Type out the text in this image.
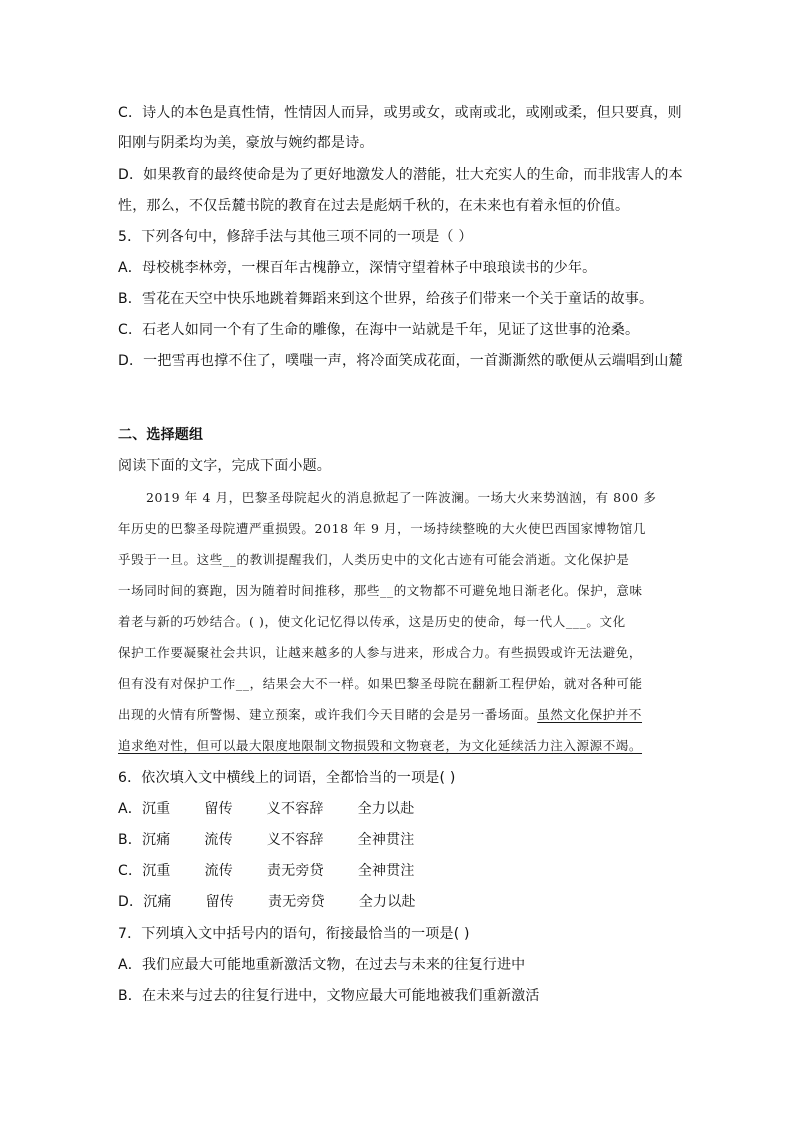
C．诗人的本色是真性情，性情因人而异，或男或女，或南或北，或刚或柔，但只要真，则
阳刚与阴柔均为美，豪放与婉约都是诗。
D．如果教育的最终使命是为了更好地激发人的潜能，壮大充实人的生命，而非戕害人的本
性，那么，不仅岳麓书院的教育在过去是彪炳千秋的，在未来也有着永恒的价值。
5．下列各句中，修辞手法与其他三项不同的一项是（ ）
A．母校桃李林旁，一棵百年古槐静立，深情守望着林子中琅琅读书的少年。
B．雪花在天空中快乐地跳着舞蹈来到这个世界，给孩子们带来一个关于童话的故事。
C．石老人如同一个有了生命的雕像，在海中一站就是千年，见证了这世事的沧桑。
D．一把雪再也撑不住了，噗嗤一声，将冷面笑成花面，一首澌澌然的歌便从云端唱到山麓
二、选择题组
阅读下面的文字，完成下面小题。
2019 年 4 月，巴黎圣母院起火的消息掀起了一阵波澜。一场大火来势汹汹，有 800 多
年历史的巴黎圣母院遭严重损毁。2018 年 9 月，一场持续整晚的大火使巴西国家博物馆几
乎毁于一旦。这些__的教训提醒我们，人类历史中的文化古迹有可能会消逝。文化保护是
一场同时间的赛跑，因为随着时间推移，那些__的文物都不可避免地日渐老化。保护，意味
着老与新的巧妙结合。( )，使文化记忆得以传承，这是历史的使命，每一代人___。文化
保护工作要凝聚社会共识，让越来越多的人参与进来，形成合力。有些损毁或许无法避免，
但有没有对保护工作__，结果会大不一样。如果巴黎圣母院在翻新工程伊始，就对各种可能
出现的火情有所警惕、建立预案，或许我们今天目睹的会是另一番场面。虽然文化保护并不
追求绝对性，但可以最大限度地限制文物损毁和文物衰老，为文化延续活力注入源源不竭。
6．依次填入文中横线上的词语，全都恰当的一项是( )
A．沉重 留传 义不容辞 全力以赴
B．沉痛 流传 义不容辞 全神贯注
C．沉重 流传 责无旁贷 全神贯注
D．沉痛 留传 责无旁贷 全力以赴
7．下列填入文中括号内的语句，衔接最恰当的一项是( )
A．我们应最大可能地重新激活文物，在过去与未来的往复行进中
B．在未来与过去的往复行进中，文物应最大可能地被我们重新激活
